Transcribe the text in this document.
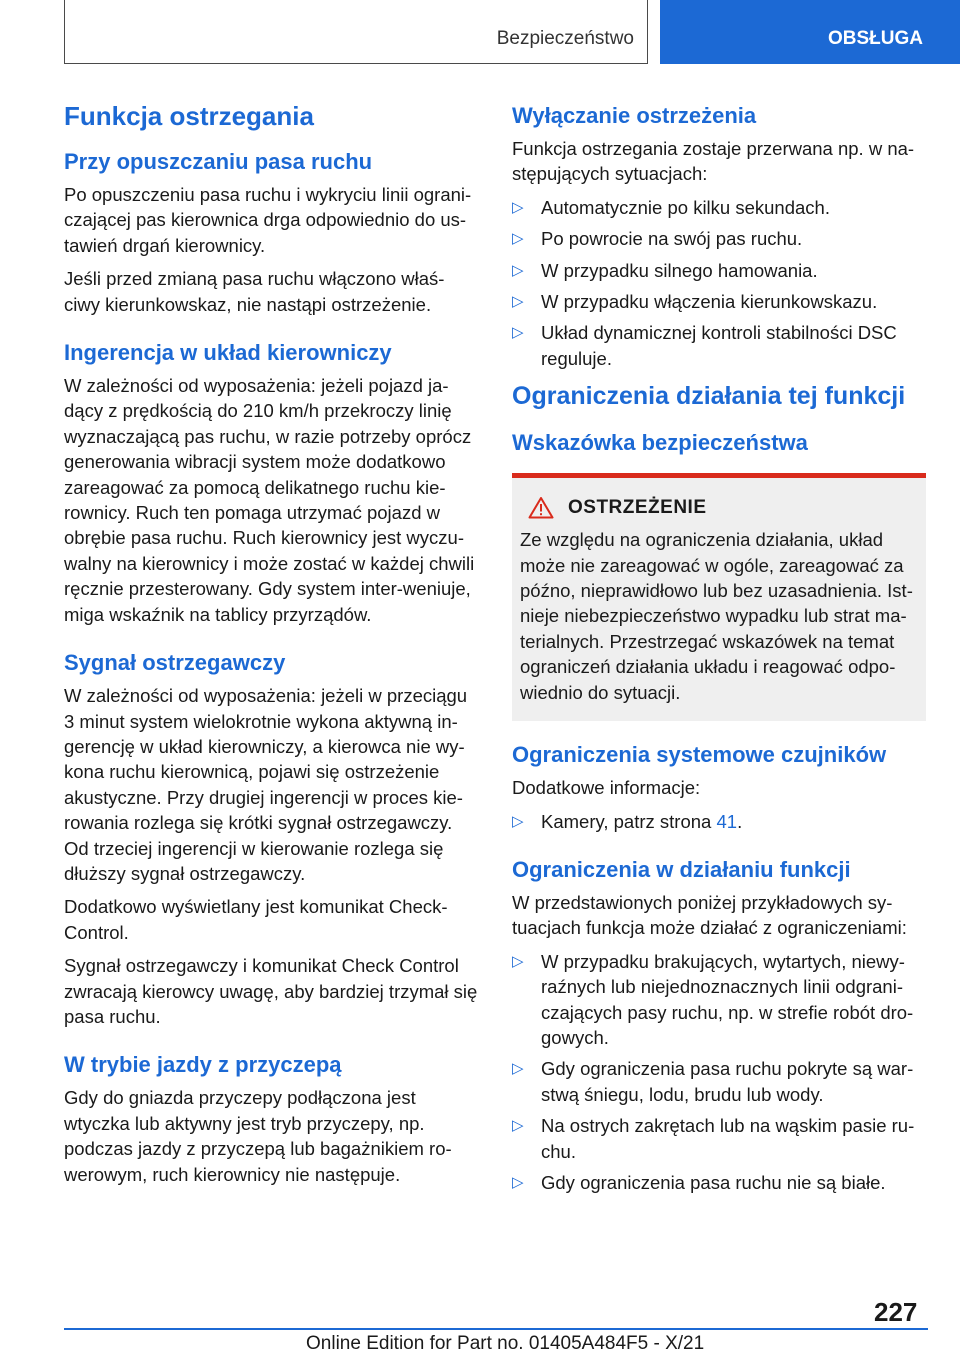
Bezpieczeństwo	OBSŁUGA
Funkcja ostrzegania
Przy opuszczaniu pasa ruchu

Po opuszczeniu pasa ruchu i wykryciu linii ograni-czającej pas kierownica drga odpowiednio do us-tawień drgań kierownicy.

Jeśli przed zmianą pasa ruchu włączono właś-ciwy kierunkowskaz, nie nastąpi ostrzeżenie.

Ingerencja w układ kierowniczy

W zależności od wyposażenia: jeżeli pojazd ja-dący z prędkością do 210 km/h przekroczy linię wyznaczającą pas ruchu, w razie potrzeby oprócz generowania wibracji system może dodatkowo zareagować za pomocą delikatnego ruchu kie-rownicy. Ruch ten pomaga utrzymać pojazd w obrębie pasa ruchu. Ruch kierownicy jest wyczu-walny na kierownicy i może zostać w każdej chwili ręcznie przesterowany. Gdy system inter-weniuje, miga wskaźnik na tablicy przyrządów.

Sygnał ostrzegawczy

W zależności od wyposażenia: jeżeli w przeciągu 3 minut system wielokrotnie wykona aktywną in-gerencję w układ kierowniczy, a kierowca nie wy-kona ruchu kierownicą, pojawi się ostrzeżenie akustyczne. Przy drugiej ingerencji w proces kie-rowania rozlega się krótki sygnał ostrzegawczy. Od trzeciej ingerencji w kierowanie rozlega się dłuższy sygnał ostrzegawczy.

Dodatkowo wyświetlany jest komunikat Check-Control.

Sygnał ostrzegawczy i komunikat Check Control zwracają kierowcy uwagę, aby bardziej trzymał się pasa ruchu.

W trybie jazdy z przyczepą

Gdy do gniazda przyczepy podłączona jest wtyczka lub aktywny jest tryb przyczepy, np. podczas jazdy z przyczepą lub bagażnikiem ro-werowym, ruch kierownicy nie następuje.

Wyłączanie ostrzeżenia

Funkcja ostrzegania zostaje przerwana np. w na-stępujących sytuacjach:

▷ Automatycznie po kilku sekundach.
▷ Po powrocie na swój pas ruchu.
▷ W przypadku silnego hamowania.
▷ W przypadku włączenia kierunkowskazu.
▷ Układ dynamicznej kontroli stabilności DSC reguluje.
Ograniczenia działania tej funkcji
Wskazówka bezpieczeństwa
OSTRZEŻENIE

Ze względu na ograniczenia działania, układ może nie zareagować w ogóle, zareagować za późno, nieprawidłowo lub bez uzasadnienia. Ist-nieje niebezpieczeństwo wypadku lub strat ma-terialnych. Przestrzegać wskazówek na temat ograniczeń działania układu i reagować odpo-wiednio do sytuacji.

Ograniczenia systemowe czujników

Dodatkowe informacje:

▷ Kamery, patrz strona 41.
Ograniczenia w działaniu funkcji

W przedstawionych poniżej przykładowych sy-tuacjach funkcja może działać z ograniczeniami:

▷ W przypadku brakujących, wytartych, niewy-raźnych lub niejednoznacznych linii odgrani-czających pasy ruchu, np. w strefie robót dro-gowych.
▷ Gdy ograniczenia pasa ruchu pokryte są war-stwą śniegu, lodu, brudu lub wody.
▷ Na ostrych zakrętach lub na wąskim pasie ru-chu.
▷ Gdy ograniczenia pasa ruchu nie są białe.
227
Online Edition for Part no. 01405A484F5 - X/21
